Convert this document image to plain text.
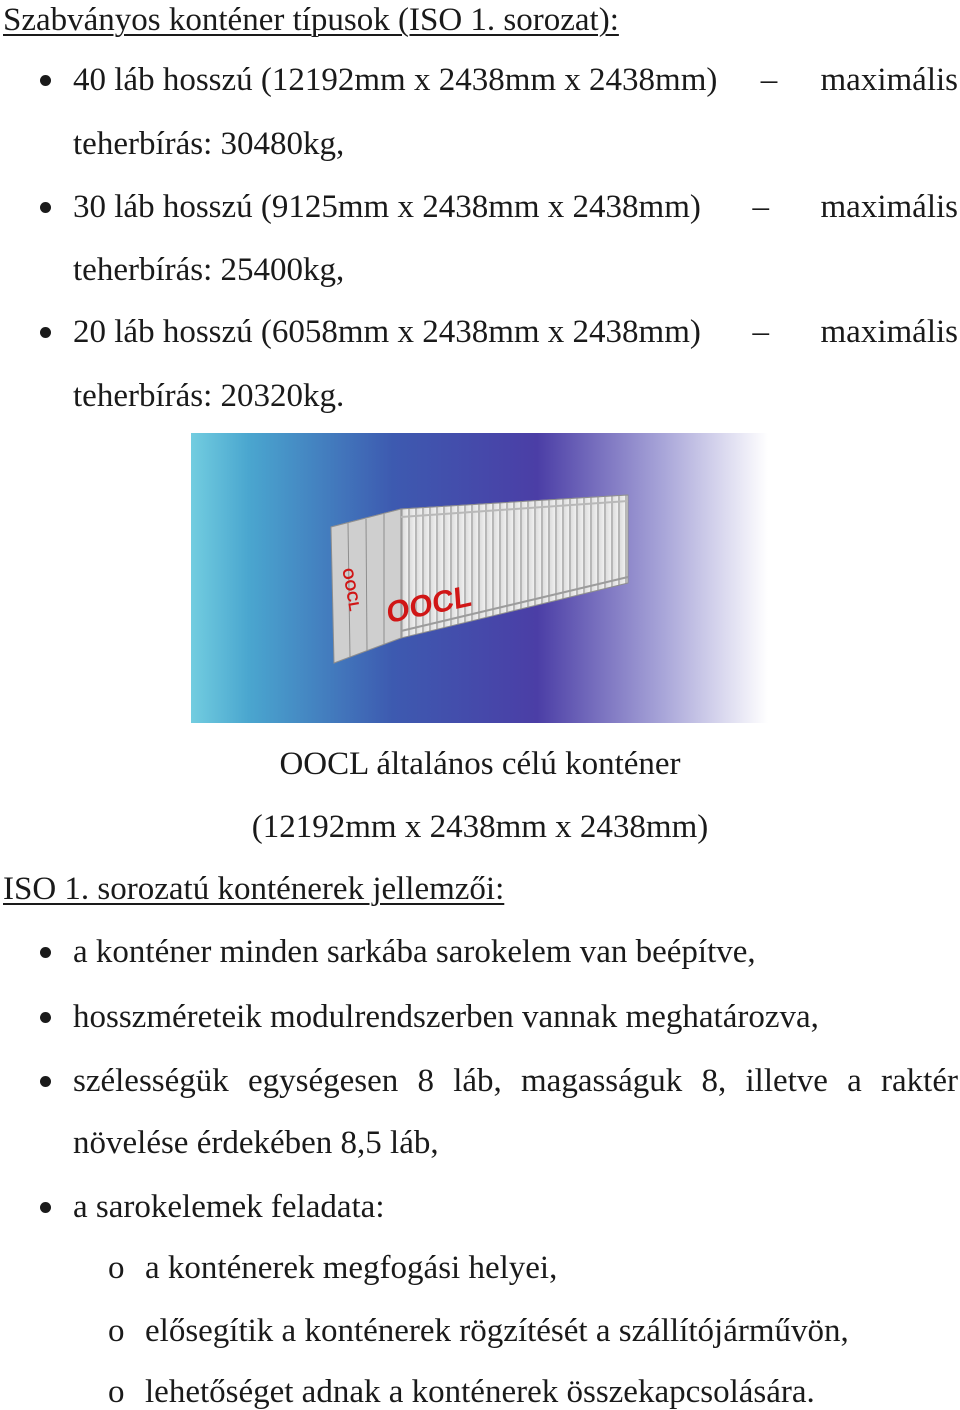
Szabványos konténer típusok (ISO 1. sorozat):
40 láb hosszú (12192mm x 2438mm x 2438mm) – maximális
teherbírás: 30480kg,
30 láb hosszú (9125mm x 2438mm x 2438mm) – maximális
teherbírás: 25400kg,
20 láb hosszú (6058mm x 2438mm x 2438mm) – maximális
teherbírás: 20320kg.
OOCL OOCL
OOCL általános célú konténer
(12192mm x 2438mm x 2438mm)
ISO 1. sorozatú konténerek jellemzői:
a konténer minden sarkába sarokelem van beépítve,
hosszméreteik modulrendszerben vannak meghatározva,
szélességük egységesen 8 láb, magasságuk 8, illetve a raktér
növelése érdekében 8,5 láb,
a sarokelemek feladata:
o a konténerek megfogási helyei,
o elősegítik a konténerek rögzítését a szállítójárművön,
o lehetőséget adnak a konténerek összekapcsolására.
